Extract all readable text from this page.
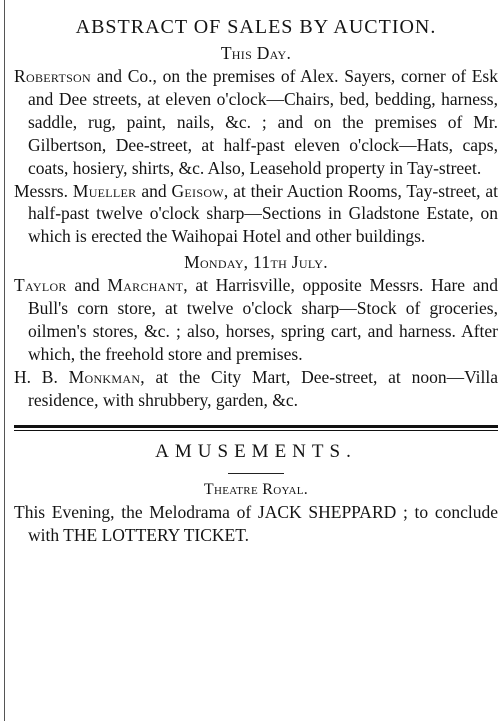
ABSTRACT OF SALES BY AUCTION.
This Day.

Robertson and Co., on the premises of Alex. Sayers, corner of Esk and Dee streets, at eleven o'clock—Chairs, bed, bedding, harness, saddle, rug, paint, nails, &c. ; and on the premises of Mr. Gilbertson, Dee-street, at half-past eleven o'clock—Hats, caps, coats, hosiery, shirts, &c. Also, Leasehold property in Tay-street.

Messrs. Mueller and Geisow, at their Auction Rooms, Tay-street, at half-past twelve o'clock sharp—Sections in Gladstone Estate, on which is erected the Waihopai Hotel and other buildings.

Monday, 11th July.

Taylor and Marchant, at Harrisville, opposite Messrs. Hare and Bull's corn store, at twelve o'clock sharp—Stock of groceries, oilmen's stores, &c. ; also, horses, spring cart, and harness. After which, the freehold store and premises.

H. B. Monkman, at the City Mart, Dee-street, at noon—Villa residence, with shrubbery, garden, &c.

AMUSEMENTS.
Theatre Royal.

This Evening, the Melodrama of JACK SHEPPARD ; to conclude with THE LOTTERY TICKET.
